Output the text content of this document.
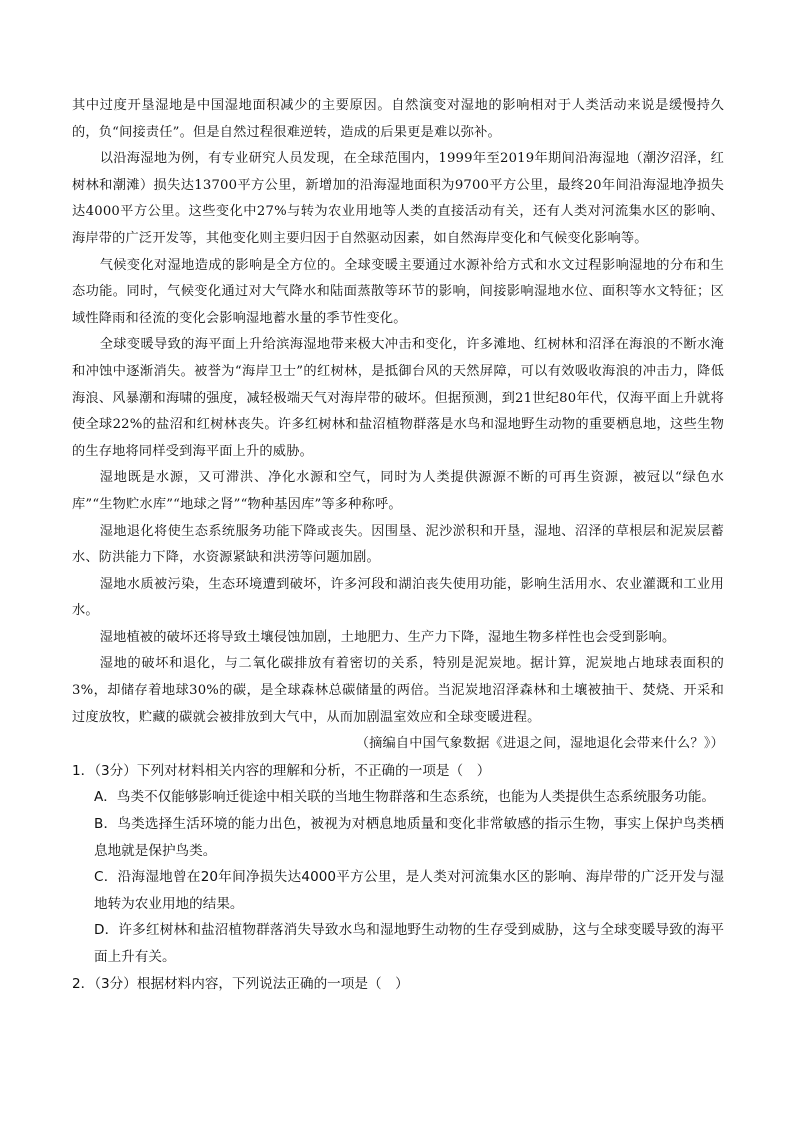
其中过度开垦湿地是中国湿地面积减少的主要原因。自然演变对湿地的影响相对于人类活动来说是缓慢持久的，负“间接责任”。但是自然过程很难逆转，造成的后果更是难以弥补。

以沿海湿地为例，有专业研究人员发现，在全球范围内，1999年至2019年期间沿海湿地（潮汐沼泽，红树林和潮滩）损失达13700平方公里，新增加的沿海湿地面积为9700平方公里，最终20年间沿海湿地净损失达4000平方公里。这些变化中27%与转为农业用地等人类的直接活动有关，还有人类对河流集水区的影响、海岸带的广泛开发等，其他变化则主要归因于自然驱动因素，如自然海岸变化和气候变化影响等。

气候变化对湿地造成的影响是全方位的。全球变暖主要通过水源补给方式和水文过程影响湿地的分布和生态功能。同时，气候变化通过对大气降水和陆面蒸散等环节的影响，间接影响湿地水位、面积等水文特征；区域性降雨和径流的变化会影响湿地蓄水量的季节性变化。

全球变暖导致的海平面上升给滨海湿地带来极大冲击和变化，许多滩地、红树林和沼泽在海浪的不断水淹和冲蚀中逐渐消失。被誉为“海岸卫士”的红树林，是抵御台风的天然屏障，可以有效吸收海浪的冲击力，降低海浪、风暴潮和海啸的强度，减轻极端天气对海岸带的破坏。但据预测，到21世纪80年代，仅海平面上升就将使全球22%的盐沼和红树林丧失。许多红树林和盐沼植物群落是水鸟和湿地野生动物的重要栖息地，这些生物的生存地将同样受到海平面上升的威胁。

湿地既是水源，又可滞洪、净化水源和空气，同时为人类提供源源不断的可再生资源，被冠以“绿色水库”“生物贮水库”“地球之肾”“物种基因库”等多种称呼。

湿地退化将使生态系统服务功能下降或丧失。因围垦、泥沙淤积和开垦，湿地、沼泽的草根层和泥炭层蓄水、防洪能力下降，水资源紧缺和洪涝等问题加剧。

湿地水质被污染，生态环境遭到破坏，许多河段和湖泊丧失使用功能，影响生活用水、农业灌溉和工业用水。

湿地植被的破坏还将导致土壤侵蚀加剧，土地肥力、生产力下降，湿地生物多样性也会受到影响。

湿地的破坏和退化，与二氧化碳排放有着密切的关系，特别是泥炭地。据计算，泥炭地占地球表面积的3%，却储存着地球30%的碳，是全球森林总碳储量的两倍。当泥炭地沼泽森林和土壤被抽干、焚烧、开采和过度放牧，贮藏的碳就会被排放到大气中，从而加剧温室效应和全球变暖进程。

（摘编自中国气象数据《进退之间，湿地退化会带来什么？》）

1．（3分）下列对材料相关内容的理解和分析，不正确的一项是（　）

A．鸟类不仅能够影响迁徙途中相关联的当地生物群落和生态系统，也能为人类提供生态系统服务功能。

B．鸟类选择生活环境的能力出色，被视为对栖息地质量和变化非常敏感的指示生物，事实上保护鸟类栖息地就是保护鸟类。

C．沿海湿地曾在20年间净损失达4000平方公里，是人类对河流集水区的影响、海岸带的广泛开发与湿地转为农业用地的结果。

D．许多红树林和盐沼植物群落消失导致水鸟和湿地野生动物的生存受到威胁，这与全球变暖导致的海平面上升有关。

2．（3分）根据材料内容，下列说法正确的一项是（　）
